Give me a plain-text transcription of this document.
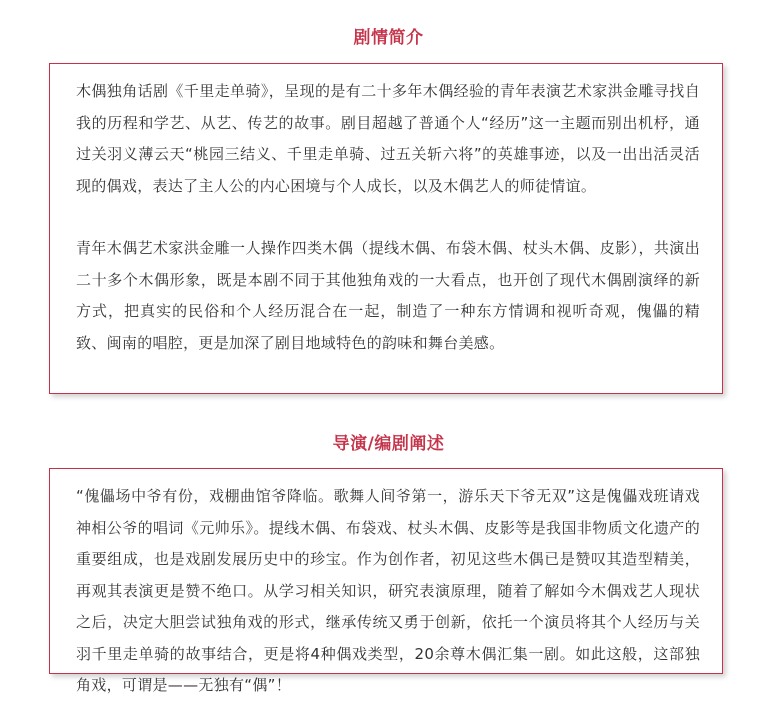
剧情简介

木偶独角话剧《千里走单骑》，呈现的是有二十多年木偶经验的青年表演艺术家洪金雕寻找自我的历程和学艺、从艺、传艺的故事。剧目超越了普通个人“经历”这一主题而别出机杼，通过关羽义薄云天“桃园三结义、千里走单骑、过五关斩六将”的英雄事迹，以及一出出活灵活现的偶戏，表达了主人公的内心困境与个人成长，以及木偶艺人的师徒情谊。

青年木偶艺术家洪金雕一人操作四类木偶（提线木偶、布袋木偶、杖头木偶、皮影），共演出二十多个木偶形象，既是本剧不同于其他独角戏的一大看点，也开创了现代木偶剧演绎的新方式，把真实的民俗和个人经历混合在一起，制造了一种东方情调和视听奇观，傀儡的精致、闽南的唱腔，更是加深了剧目地域特色的韵味和舞台美感。

导演/编剧阐述

“傀儡场中爷有份，戏棚曲馆爷降临。歌舞人间爷第一，游乐天下爷无双”这是傀儡戏班请戏神相公爷的唱词《元帅乐》。提线木偶、布袋戏、杖头木偶、皮影等是我国非物质文化遗产的重要组成，也是戏剧发展历史中的珍宝。作为创作者，初见这些木偶已是赞叹其造型精美，再观其表演更是赞不绝口。从学习相关知识，研究表演原理，随着了解如今木偶戏艺人现状之后，决定大胆尝试独角戏的形式，继承传统又勇于创新，依托一个演员将其个人经历与关羽千里走单骑的故事结合，更是将4种偶戏类型，20余尊木偶汇集一剧。如此这般，这部独角戏，可谓是——无独有“偶”！
